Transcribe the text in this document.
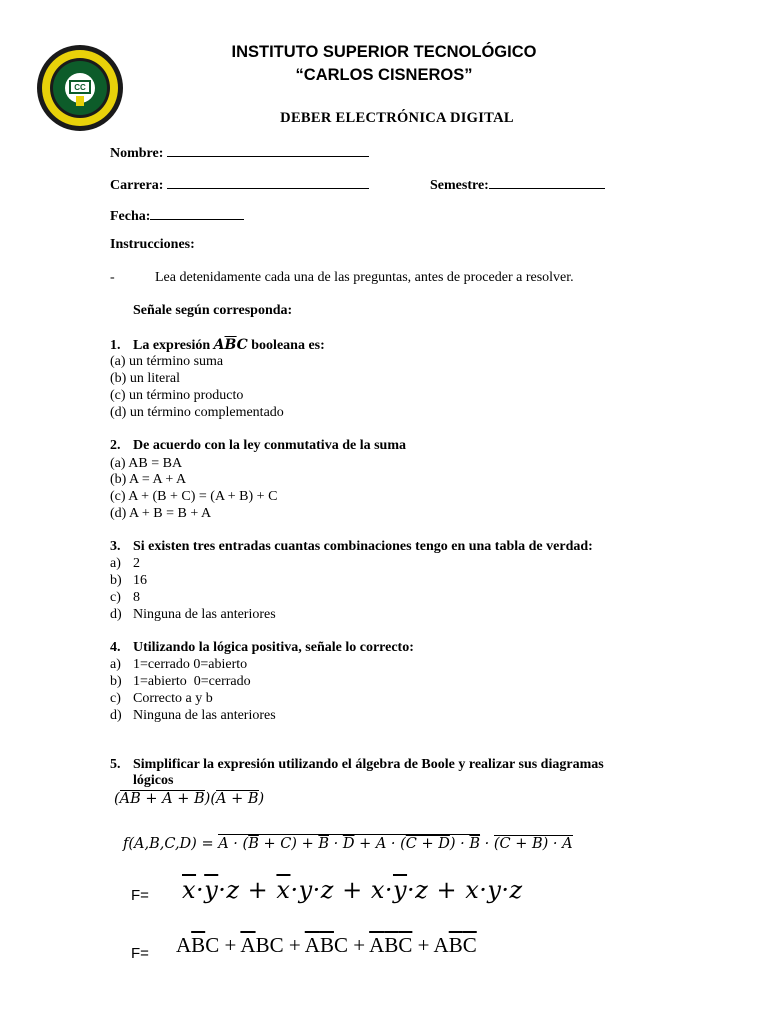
CC
INSTITUTO SUPERIOR TECNOLÓGICO
“CARLOS CISNEROS”
DEBER ELECTRÓNICA DIGITAL
Nombre:
Carrera:	Semestre:
Fecha:
Instrucciones:
-	Lea detenidamente cada una de las preguntas, antes de proceder a resolver.
Señale según corresponda:
1. La expresión $A\overline{B}C$ booleana es:
(a) un término suma
(b) un literal
(c) un término producto
(d) un término complementado
2. De acuerdo con la ley conmutativa de la suma
(a) AB = BA
(b) A = A + A
(c) A + (B + C) = (A + B) + C
(d) A + B = B + A
3. Si existen tres entradas cuantas combinaciones tengo en una tabla de verdad:
a) 2
b) 16
c) 8
d) Ninguna de las anteriores
4. Utilizando la lógica positiva, señale lo correcto:
a) 1=cerrado 0=abierto
b) 1=abierto  0=cerrado
c) Correcto a y b
d) Ninguna de las anteriores
5. Simplificar la expresión utilizando el álgebra de Boole y realizar sus diagramas
lógicos
$(AB + A + B)(A + \overline{B})$
$f(A,B,C,D) = A \cdot (\overline{B} + C) + \overline{B} \cdot \overline{D} + A \cdot (C + D) \cdot \overline{B} \cdot (C + B) \cdot A$
$F= \overline{x}\cdot\overline{y}\cdot z + \overline{x}\cdot y\cdot z + x\cdot\overline{y}\cdot z + x\cdot y\cdot z$
$F= A\overline{B}C + \overline{A}BC + \overline{A}\overline{B}C + \overline{A}\overline{B}\overline{C} + A\overline{B}\overline{C}$
